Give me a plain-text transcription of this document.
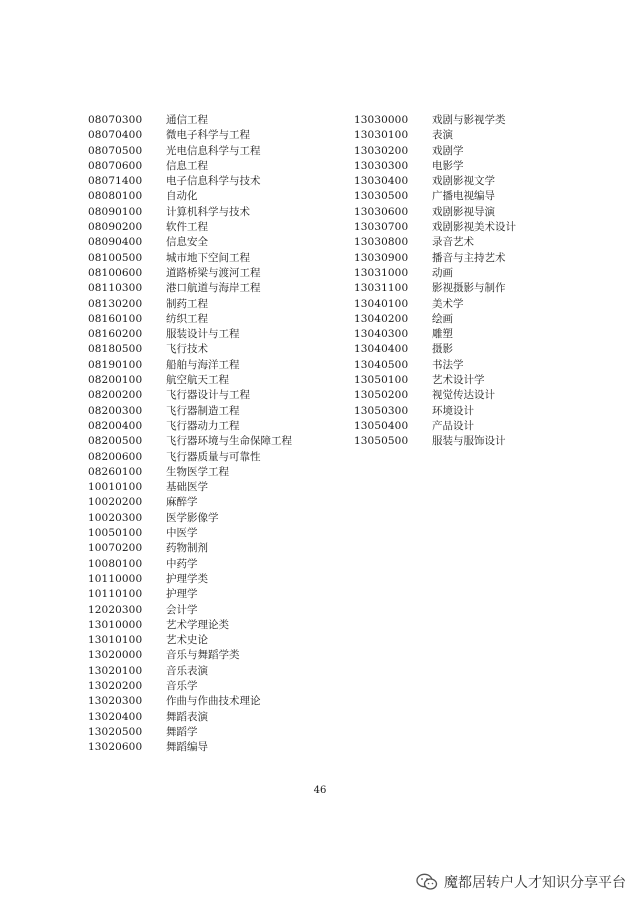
08070300 通信工程
08070400 微电子科学与工程
08070500 光电信息科学与工程
08070600 信息工程
08071400 电子信息科学与技术
08080100 自动化
08090100 计算机科学与技术
08090200 软件工程
08090400 信息安全
08100500 城市地下空间工程
08100600 道路桥梁与渡河工程
08110300 港口航道与海岸工程
08130200 制药工程
08160100 纺织工程
08160200 服装设计与工程
08180500 飞行技术
08190100 船舶与海洋工程
08200100 航空航天工程
08200200 飞行器设计与工程
08200300 飞行器制造工程
08200400 飞行器动力工程
08200500 飞行器环境与生命保障工程
08200600 飞行器质量与可靠性
08260100 生物医学工程
10010100 基础医学
10020200 麻醉学
10020300 医学影像学
10050100 中医学
10070200 药物制剂
10080100 中药学
10110000 护理学类
10110100 护理学
12020300 会计学
13010000 艺术学理论类
13010100 艺术史论
13020000 音乐与舞蹈学类
13020100 音乐表演
13020200 音乐学
13020300 作曲与作曲技术理论
13020400 舞蹈表演
13020500 舞蹈学
13020600 舞蹈编导
13030000 戏剧与影视学类
13030100 表演
13030200 戏剧学
13030300 电影学
13030400 戏剧影视文学
13030500 广播电视编导
13030600 戏剧影视导演
13030700 戏剧影视美术设计
13030800 录音艺术
13030900 播音与主持艺术
13031000 动画
13031100 影视摄影与制作
13040100 美术学
13040200 绘画
13040300 雕塑
13040400 摄影
13040500 书法学
13050100 艺术设计学
13050200 视觉传达设计
13050300 环境设计
13050400 产品设计
13050500 服装与服饰设计
46
魔都居转户人才知识分享平台
